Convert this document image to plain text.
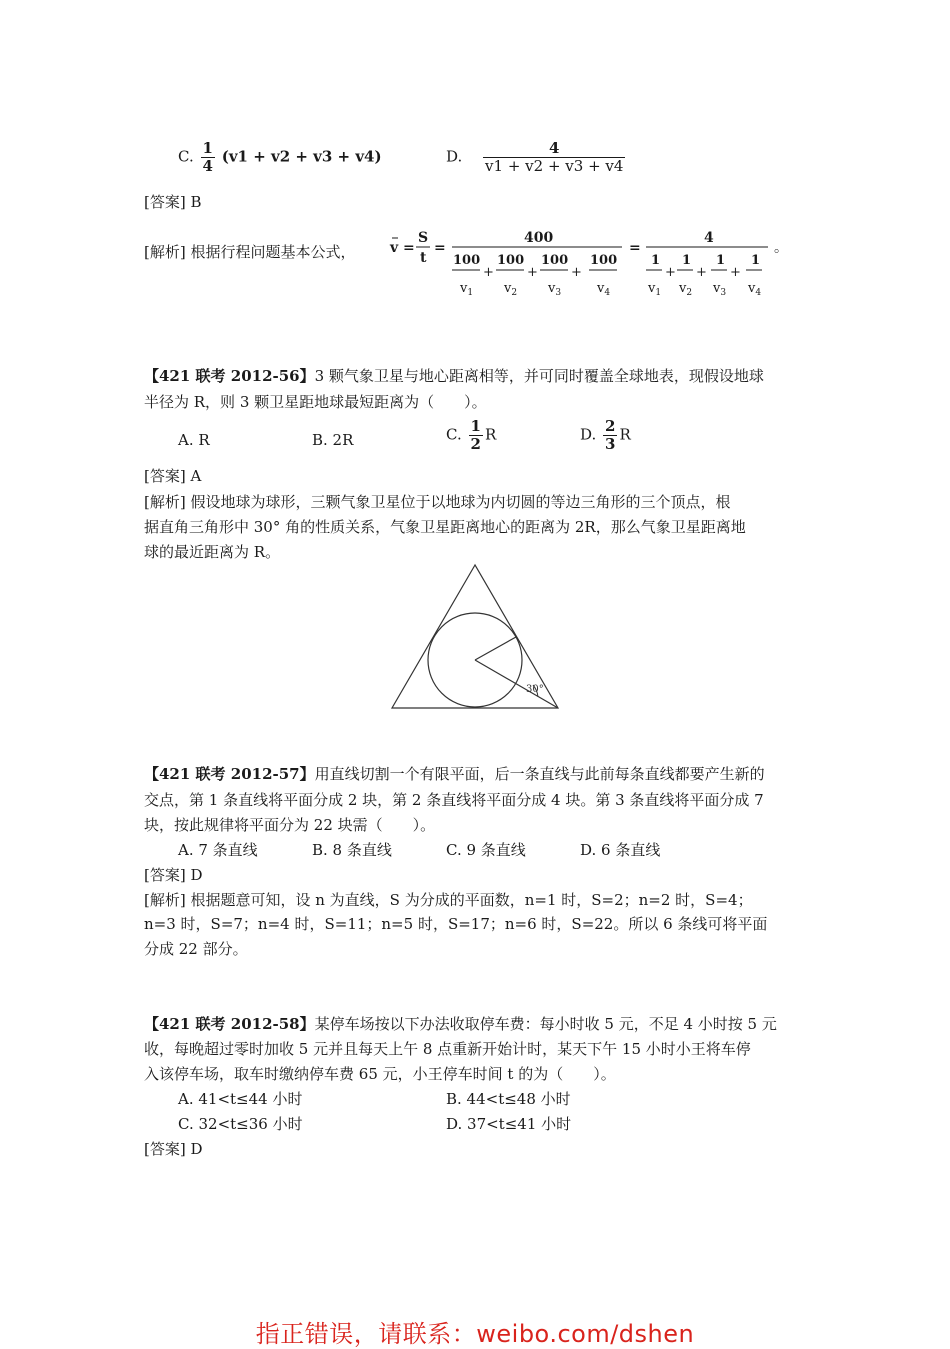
C. $\frac{1}{4} (v1 + v2 + v3 + v4)$	D. $\frac{4}{v1 + v2 + v3 + v4}$
[答案] B
[解析] 根据行程问题基本公式， v =
S
t
=
400
100
$v_1$
+
100
$v_2$
+
100
$v_3$
+
100
$v_4$
=
4
1
$v_1$
+
1
$v_2$
+
1
$v_3$
+
1
$v_4$
。
【421 联考 2012-56】3 颗气象卫星与地心距离相等，并可同时覆盖全球地表，现假设地球
半径为 R，则 3 颗卫星距地球最短距离为（　　）。
A. R	B. 2R	C. $\frac{1}{2}$ R	D. $\frac{2}{3}$ R
[答案] A
[解析] 假设地球为球形，三颗气象卫星位于以地球为内切圆的等边三角形的三个顶点，根
据直角三角形中 30° 角的性质关系，气象卫星距离地心的距离为 2R，那么气象卫星距离地
球的最近距离为 R。
30°
【421 联考 2012-57】用直线切割一个有限平面，后一条直线与此前每条直线都要产生新的
交点，第 1 条直线将平面分成 2 块，第 2 条直线将平面分成 4 块。第 3 条直线将平面分成 7
块，按此规律将平面分为 22 块需（　　）。
A. 7 条直线	B. 8 条直线	C. 9 条直线	D. 6 条直线
[答案] D
[解析] 根据题意可知，设 n 为直线，S 为分成的平面数，n=1 时，S=2；n=2 时，S=4；
n=3 时，S=7；n=4 时，S=11；n=5 时，S=17；n=6 时，S=22。所以 6 条线可将平面
分成 22 部分。
【421 联考 2012-58】某停车场按以下办法收取停车费：每小时收 5 元，不足 4 小时按 5 元
收，每晚超过零时加收 5 元并且每天上午 8 点重新开始计时，某天下午 15 小时小王将车停
入该停车场，取车时缴纳停车费 65 元，小王停车时间 t 的为（　　）。
A. 41<t≤44 小时	B. 44<t≤48 小时
C. 32<t≤36 小时	D. 37<t≤41 小时
[答案] D
指正错误，请联系：weibo.com/dshen
